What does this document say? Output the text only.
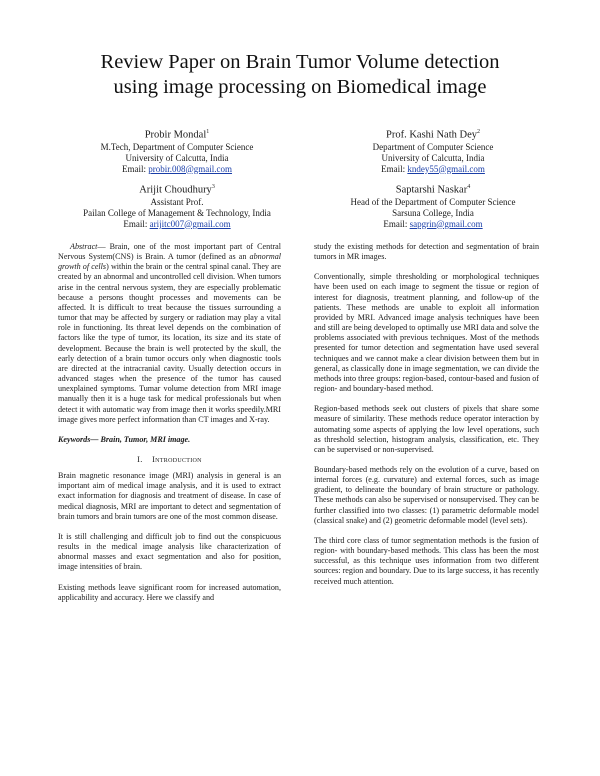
Review Paper on Brain Tumor Volume detection
using image processing on Biomedical image
Probir Mondal$^1$
M.Tech, Department of Computer Science
University of Calcutta, India
Email: probir.008@gmail.com
Prof. Kashi Nath Dey$^2$
Department of Computer Science
University of Calcutta, India
Email: kndey55@gmail.com
Arijit Choudhury$^3$
Assistant Prof.
Pailan College of Management & Technology, India
Email: arijitc007@gmail.com
Saptarshi Naskar$^4$
Head of the Department of Computer Science
Sarsuna College, India
Email: sapgrin@gmail.com

Abstract— Brain, one of the most important part of Central Nervous System(CNS) is Brain. A tumor (defined as an abnormal growth of cells) within the brain or the central spinal canal. They are created by an abnormal and uncontrolled cell division. When tumors arise in the central nervous system, they are especially problematic because a persons thought processes and movements can be affected. It is difficult to treat because the tissues surrounding a tumor that may be affected by surgery or radiation may play a vital role in functioning. Its threat level depends on the combination of factors like the type of tumor, its location, its size and its state of development. Because the brain is well protected by the skull, the early detection of a brain tumor occurs only when diagnostic tools are directed at the intracranial cavity. Usually detection occurs in advanced stages when the presence of the tumor has caused unexplained symptoms. Tumar volume detection from MRI image manually then it is a huge task for medical professionals but when detect it with automatic way from image then it works speedily.MRI image gives more perfect information than CT images and X-ray.

Keywords— Brain, Tumor, MRI image.

I. Introduction

Brain magnetic resonance image (MRI) analysis in general is an important aim of medical image analysis, and it is used to extract exact information for diagnosis and treatment of disease. In case of medical diagnosis, MRI are important to detect and segmentation of brain tumors and brain tumors are one of the most common disease.

It is still challenging and difficult job to find out the conspicuous results in the medical image analysis like characterization of abnormal masses and exact segmentation and also for position, image intensities of brain.

Existing methods leave significant room for increased automation, applicability and accuracy. Here we classify and

study the existing methods for detection and segmentation of brain tumors in MR images.

Conventionally, simple thresholding or morphological techniques have been used on each image to segment the tissue or region of interest for diagnosis, treatment planning, and follow-up of the patients. These methods are unable to exploit all information provided by MRI. Advanced image analysis techniques have been and still are being developed to optimally use MRI data and solve the problems associated with previous techniques. Most of the methods presented for tumor detection and segmentation have used several techniques and we cannot make a clear division between them but in general, as classically done in image segmentation, we can divide the methods into three groups: region-based, contour-based and fusion of region- and boundary-based method.

Region-based methods seek out clusters of pixels that share some measure of similarity. These methods reduce operator interaction by automating some aspects of applying the low level operations, such as threshold selection, histogram analysis, classification, etc. They can be supervised or non-supervised.

Boundary-based methods rely on the evolution of a curve, based on internal forces (e.g. curvature) and external forces, such as image gradient, to delineate the boundary of brain structure or pathology. These methods can also be supervised or nonsupervised. They can be further classified into two classes: (1) parametric deformable model (classical snake) and (2) geometric deformable model (level sets).

The third core class of tumor segmentation methods is the fusion of region- with boundary-based methods. This class has been the most successful, as this technique uses information from two different sources: region and boundary. Due to its large success, it has recently received much attention.
